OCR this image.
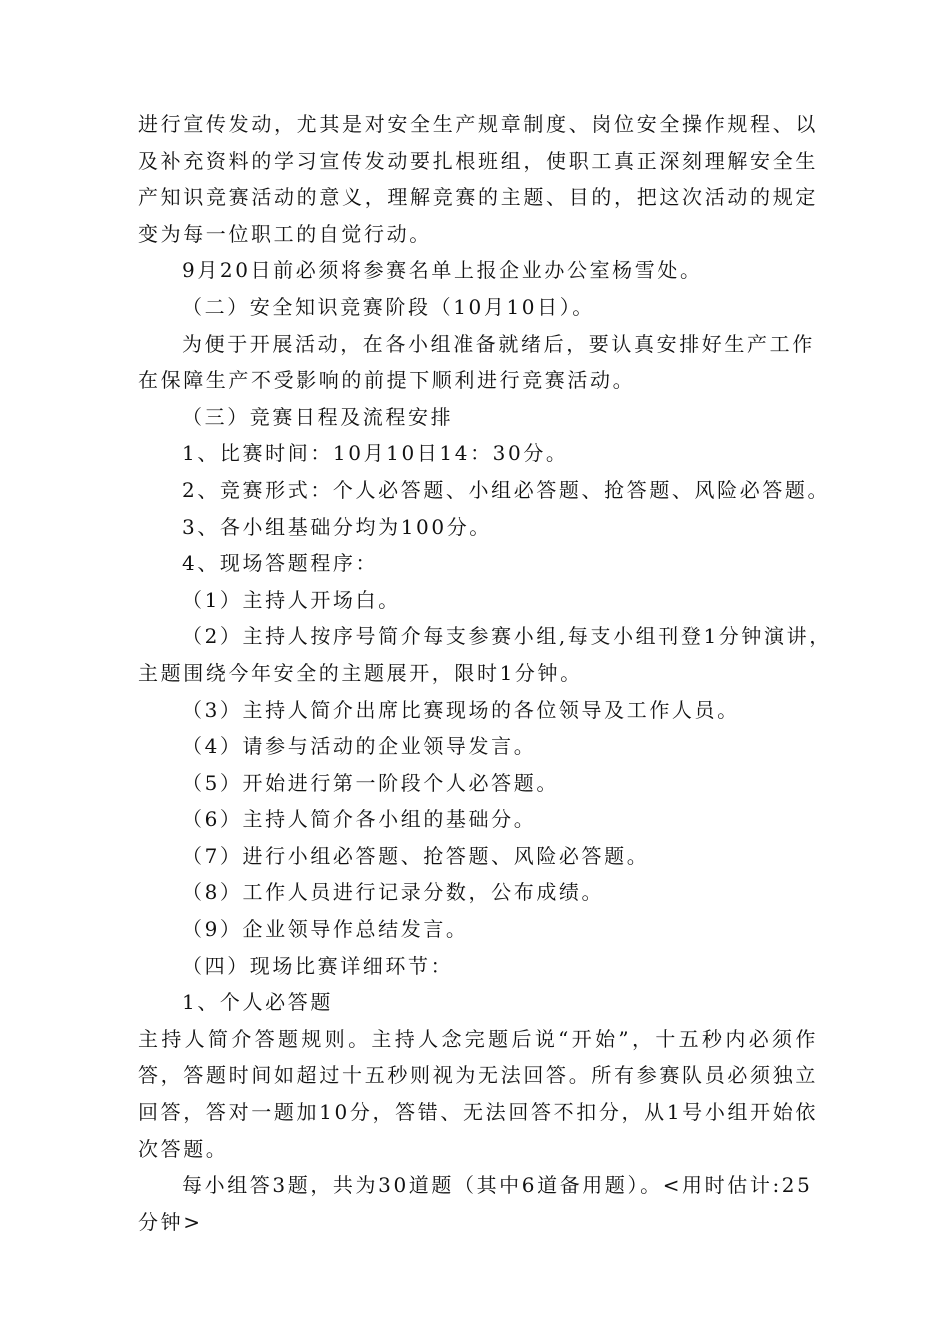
进行宣传发动，尤其是对安全生产规章制度、岗位安全操作规程、以
及补充资料的学习宣传发动要扎根班组，使职工真正深刻理解安全生
产知识竞赛活动的意义，理解竞赛的主题、目的，把这次活动的规定
变为每一位职工的自觉行动。
9月20日前必须将参赛名单上报企业办公室杨雪处。
（二）安全知识竞赛阶段（10月10日）。
为便于开展活动，在各小组准备就绪后，要认真安排好生产工作
在保障生产不受影响的前提下顺利进行竞赛活动。
（三）竞赛日程及流程安排
1、比赛时间：10月10日14：30分。
2、竞赛形式：个人必答题、小组必答题、抢答题、风险必答题。
3、各小组基础分均为100分。
4、现场答题程序：
（1）主持人开场白。
（2）主持人按序号简介每支参赛小组,每支小组刊登1分钟演讲，
主题围绕今年安全的主题展开，限时1分钟。
（3）主持人简介出席比赛现场的各位领导及工作人员。
（4）请参与活动的企业领导发言。
（5）开始进行第一阶段个人必答题。
（6）主持人简介各小组的基础分。
（7）进行小组必答题、抢答题、风险必答题。
（8）工作人员进行记录分数，公布成绩。
（9）企业领导作总结发言。
（四）现场比赛详细环节：
1、个人必答题
主持人简介答题规则。主持人念完题后说“开始”，十五秒内必须作
答，答题时间如超过十五秒则视为无法回答。所有参赛队员必须独立
回答，答对一题加10分，答错、无法回答不扣分，从1号小组开始依
次答题。
每小组答3题，共为30道题（其中6道备用题）。<用时估计:25
分钟>
